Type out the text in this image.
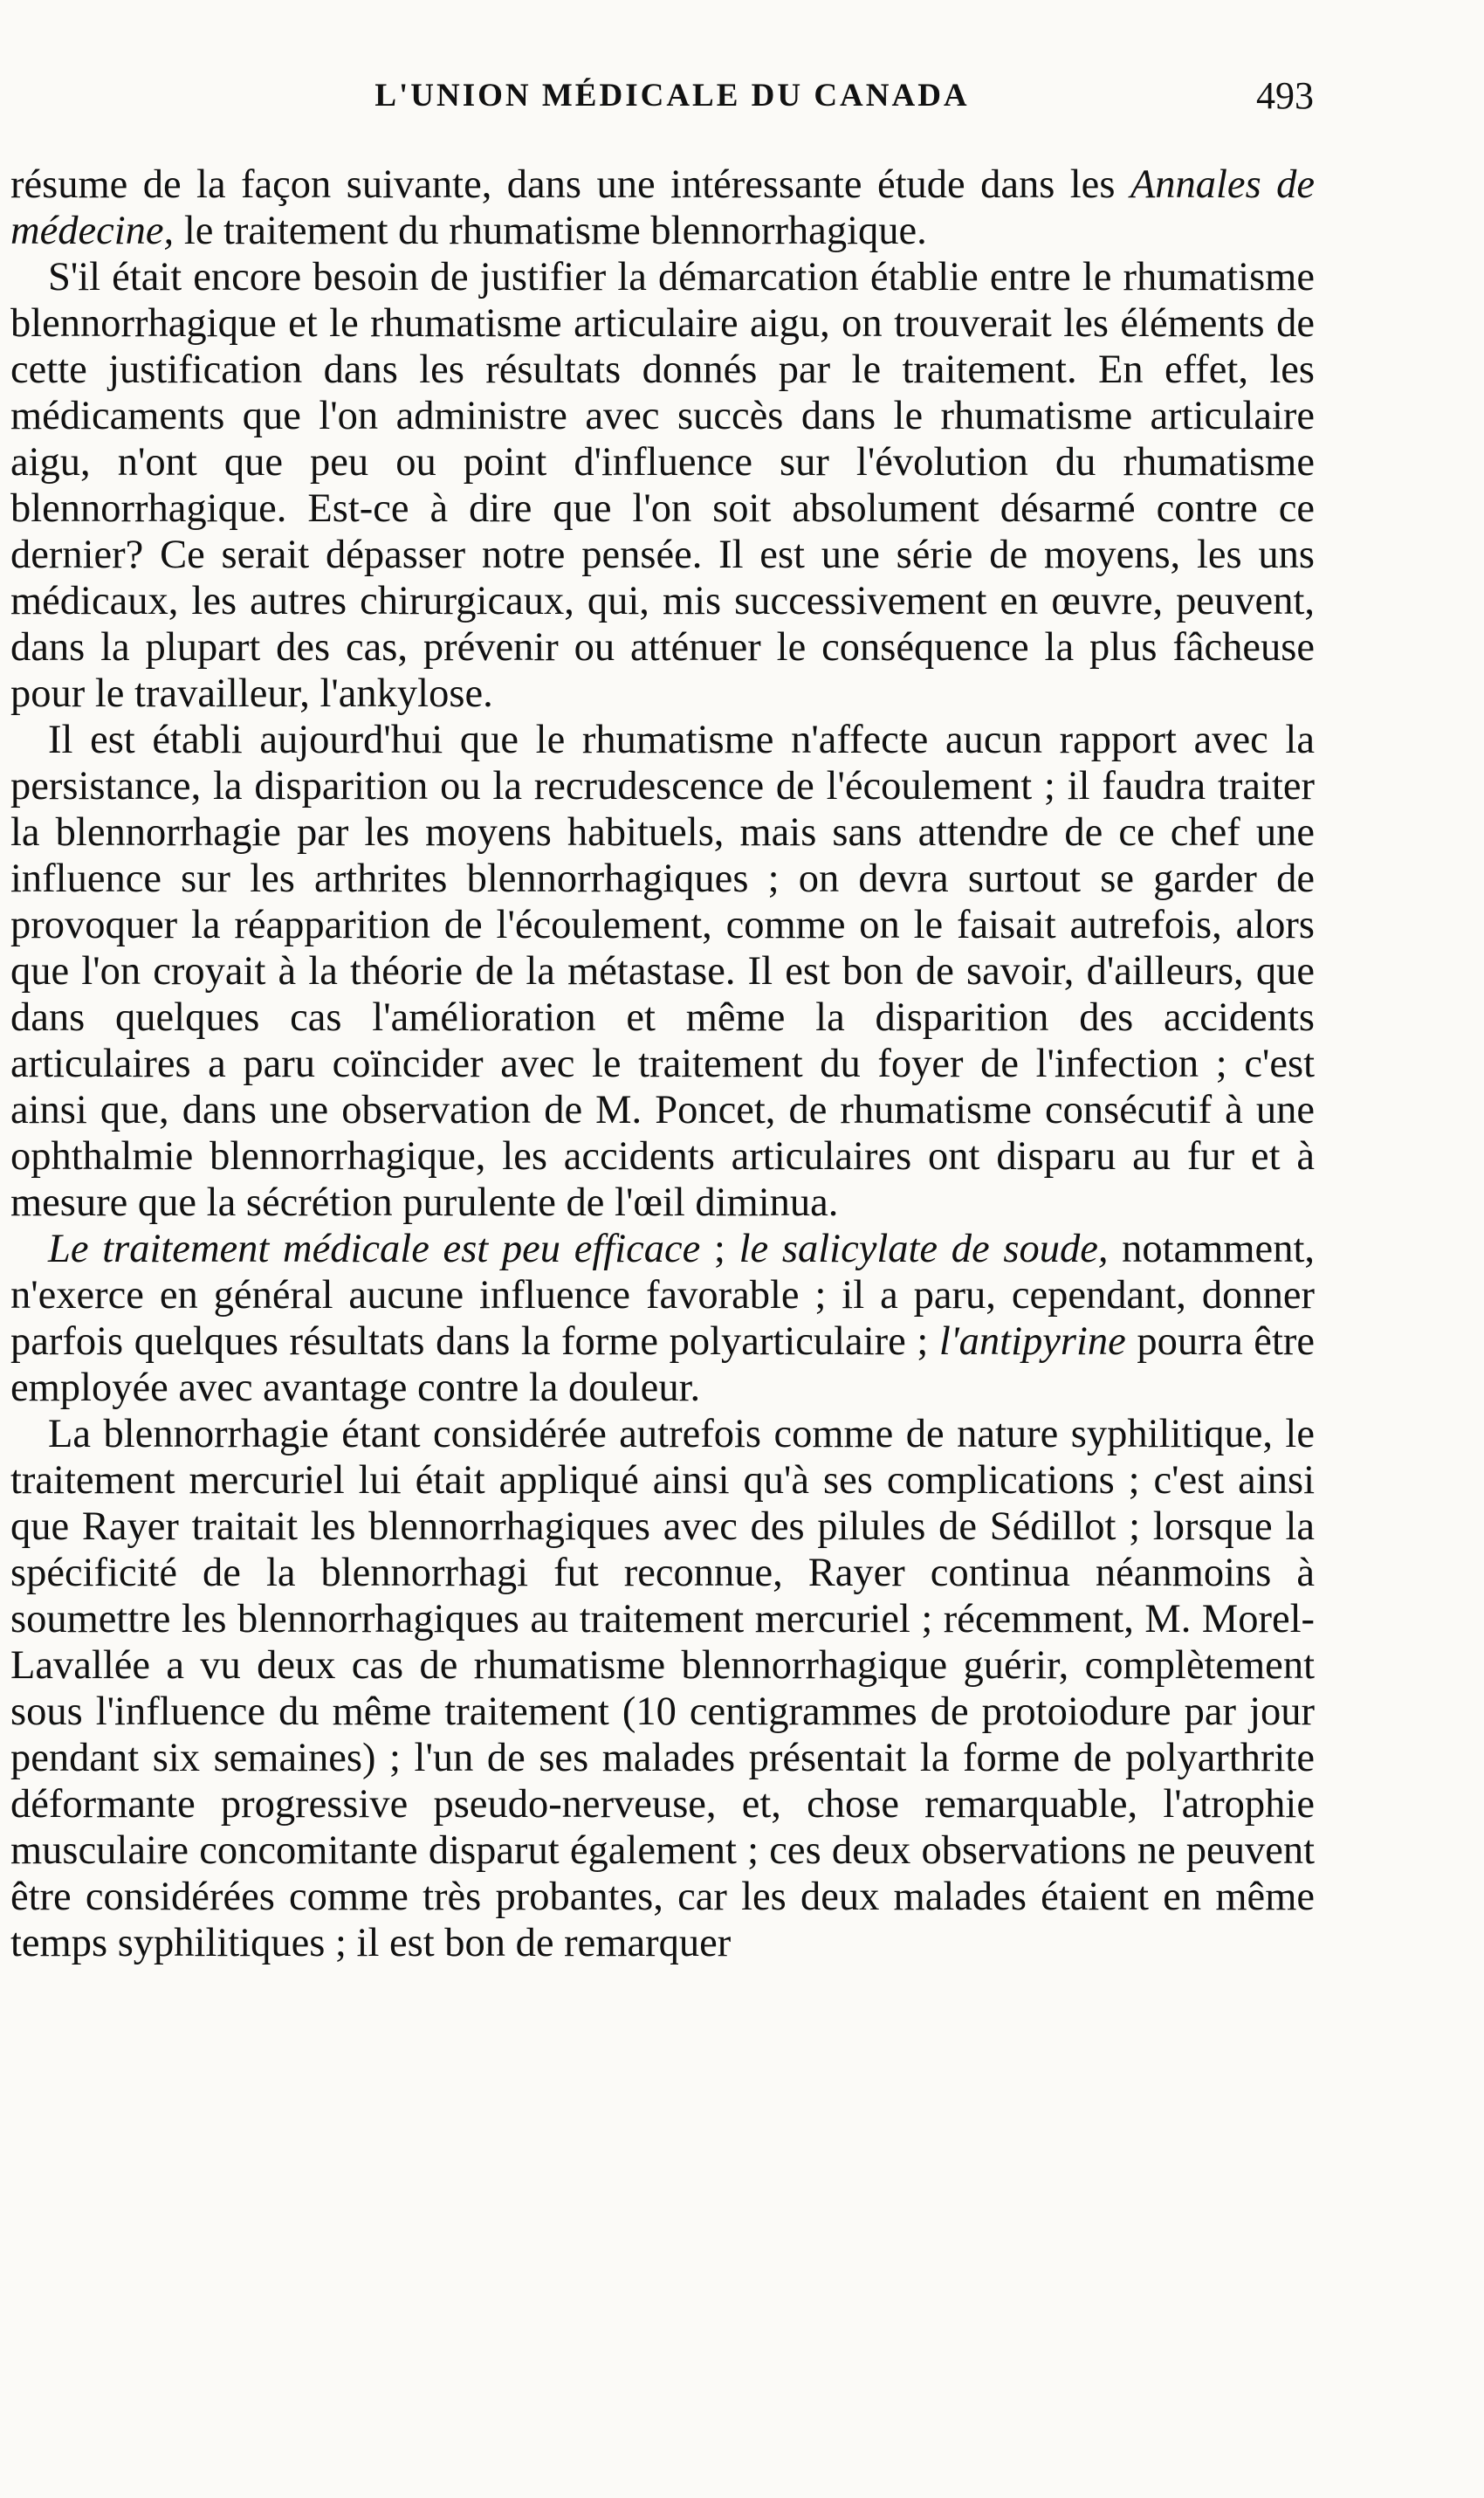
L'UNION MÉDICALE DU CANADA	493

résume de la façon suivante, dans une intéressante étude dans les Annales de médecine, le traitement du rhumatisme blennorrhagique.

S'il était encore besoin de justifier la démarcation établie entre le rhumatisme blennorrhagique et le rhumatisme articulaire aigu, on trouverait les éléments de cette justification dans les résultats donnés par le traitement. En effet, les médicaments que l'on administre avec succès dans le rhumatisme articulaire aigu, n'ont que peu ou point d'influence sur l'évolution du rhumatisme blennorrhagique. Est-ce à dire que l'on soit absolument désarmé contre ce dernier? Ce serait dépasser notre pensée. Il est une série de moyens, les uns médicaux, les autres chirurgicaux, qui, mis successivement en œuvre, peuvent, dans la plupart des cas, prévenir ou atténuer le conséquence la plus fâcheuse pour le travailleur, l'ankylose.

Il est établi aujourd'hui que le rhumatisme n'affecte aucun rapport avec la persistance, la disparition ou la recrudescence de l'écoulement ; il faudra traiter la blennorrhagie par les moyens habituels, mais sans attendre de ce chef une influence sur les arthrites blennorrhagiques ; on devra surtout se garder de provoquer la réapparition de l'écoulement, comme on le faisait autrefois, alors que l'on croyait à la théorie de la métastase. Il est bon de savoir, d'ailleurs, que dans quelques cas l'amélioration et même la disparition des accidents articulaires a paru coïncider avec le traitement du foyer de l'infection ; c'est ainsi que, dans une observation de M. Poncet, de rhumatisme consécutif à une ophthalmie blennorrhagique, les accidents articulaires ont disparu au fur et à mesure que la sécrétion purulente de l'œil diminua.

Le traitement médicale est peu efficace ; le salicylate de soude, notamment, n'exerce en général aucune influence favorable ; il a paru, cependant, donner parfois quelques résultats dans la forme polyarticulaire ; l'antipyrine pourra être employée avec avantage contre la douleur.

La blennorrhagie étant considérée autrefois comme de nature syphilitique, le traitement mercuriel lui était appliqué ainsi qu'à ses complications ; c'est ainsi que Rayer traitait les blennorrhagiques avec des pilules de Sédillot ; lorsque la spécificité de la blennorrhagi fut reconnue, Rayer continua néanmoins à soumettre les blennorrhagiques au traitement mercuriel ; récemment, M. Morel-Lavallée a vu deux cas de rhumatisme blennorrhagique guérir, complètement sous l'influence du même traitement (10 centigrammes de protoiodure par jour pendant six semaines) ; l'un de ses malades présentait la forme de polyarthrite déformante progressive pseudo-nerveuse, et, chose remarquable, l'atrophie musculaire concomitante disparut également ; ces deux observations ne peuvent être considérées comme très probantes, car les deux malades étaient en même temps syphilitiques ; il est bon de remarquer
